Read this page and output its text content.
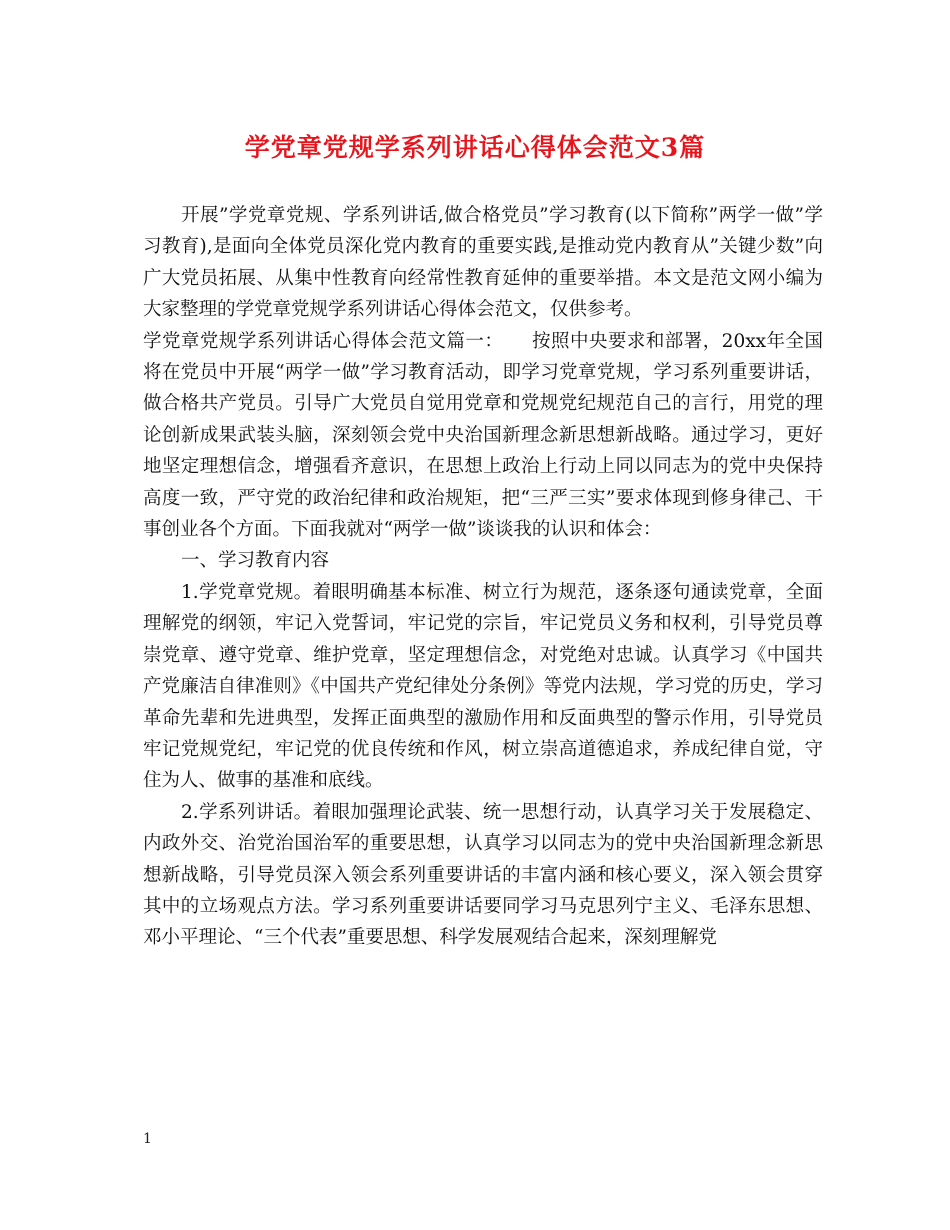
学党章党规学系列讲话心得体会范文3篇

开展”学党章党规、学系列讲话,做合格党员”学习教育(以下简称”两学一做”学习教育),是面向全体党员深化党内教育的重要实践,是推动党内教育从”关键少数”向广大党员拓展、从集中性教育向经常性教育延伸的重要举措。本文是范文网小编为大家整理的学党章党规学系列讲话心得体会范文，仅供参考。

学党章党规学系列讲话心得体会范文篇一：　　按照中央要求和部署，20xx年全国将在党员中开展“两学一做”学习教育活动，即学习党章党规，学习系列重要讲话，做合格共产党员。引导广大党员自觉用党章和党规党纪规范自己的言行，用党的理论创新成果武装头脑，深刻领会党中央治国新理念新思想新战略。通过学习，更好地坚定理想信念，增强看齐意识，在思想上政治上行动上同以同志为的党中央保持高度一致，严守党的政治纪律和政治规矩，把“三严三实”要求体现到修身律己、干事创业各个方面。下面我就对“两学一做”谈谈我的认识和体会：

一、学习教育内容

1.学党章党规。着眼明确基本标准、树立行为规范，逐条逐句通读党章，全面理解党的纲领，牢记入党誓词，牢记党的宗旨，牢记党员义务和权利，引导党员尊崇党章、遵守党章、维护党章，坚定理想信念，对党绝对忠诚。认真学习《中国共产党廉洁自律准则》《中国共产党纪律处分条例》等党内法规，学习党的历史，学习革命先辈和先进典型，发挥正面典型的激励作用和反面典型的警示作用，引导党员牢记党规党纪，牢记党的优良传统和作风，树立崇高道德追求，养成纪律自觉，守住为人、做事的基准和底线。

2.学系列讲话。着眼加强理论武装、统一思想行动，认真学习关于发展稳定、内政外交、治党治国治军的重要思想，认真学习以同志为的党中央治国新理念新思想新战略，引导党员深入领会系列重要讲话的丰富内涵和核心要义，深入领会贯穿其中的立场观点方法。学习系列重要讲话要同学习马克思列宁主义、毛泽东思想、邓小平理论、“三个代表”重要思想、科学发展观结合起来，深刻理解党

1
